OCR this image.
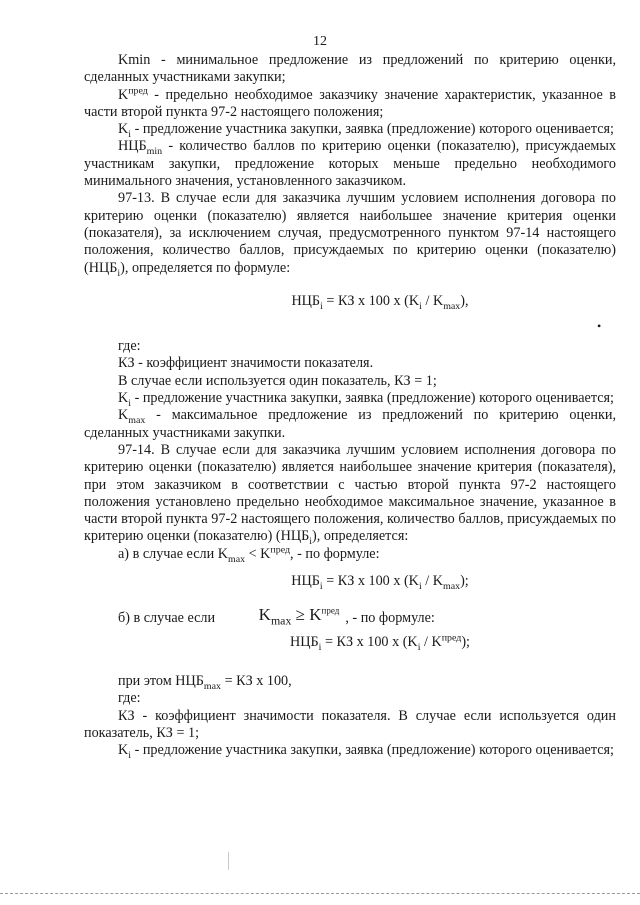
12

Kmin - минимальное предложение из предложений по критерию оценки, сделанных участниками закупки;

$K^{пред}$ - предельно необходимое заказчику значение характеристик, указанное в части второй пункта 97-2 настоящего положения;

$K_i$ - предложение участника закупки, заявка (предложение) которого оценивается;

$НЦБ_{min}$ - количество баллов по критерию оценки (показателю), присуждаемых участникам закупки, предложение которых меньше предельно необходимого минимального значения, установленного заказчиком.

97-13. В случае если для заказчика лучшим условием исполнения договора по критерию оценки (показателю) является наибольшее значение критерия оценки (показателя), за исключением случая, предусмотренного пунктом 97-14 настоящего положения, количество баллов, присуждаемых по критерию оценки (показателю) $(НЦБ_i)$, определяется по формуле:

$НЦБ_i$ = КЗ x 100 x $(K_i / K_{max})$,

где:

КЗ - коэффициент значимости показателя.

В случае если используется один показатель, КЗ = 1;

$K_i$ - предложение участника закупки, заявка (предложение) которого оценивается;

$K_{max}$ - максимальное предложение из предложений по критерию оценки, сделанных участниками закупки.

97-14. В случае если для заказчика лучшим условием исполнения договора по критерию оценки (показателю) является наибольшее значение критерия (показателя), при этом заказчиком в соответствии с частью второй пункта 97-2 настоящего положения установлено предельно необходимое максимальное значение, указанное в части второй пункта 97-2 настоящего положения, количество баллов, присуждаемых по критерию оценки (показателю) $(НЦБ_i)$, определяется:

а) в случае если $K_{max} < K^{пред}$, - по формуле:

$НЦБ_i$ = КЗ x 100 x $(K_i / K_{max})$;

б) в случае если $K_{max} \ge K^{пред}$ , - по формуле:

$НЦБ_i$ = КЗ x 100 x $(K_i / K^{пред})$;

при этом $НЦБ_{max}$ = КЗ x 100,

где:

КЗ - коэффициент значимости показателя. В случае если используется один показатель, КЗ = 1;

$K_i$ - предложение участника закупки, заявка (предложение) которого оценивается;

•
